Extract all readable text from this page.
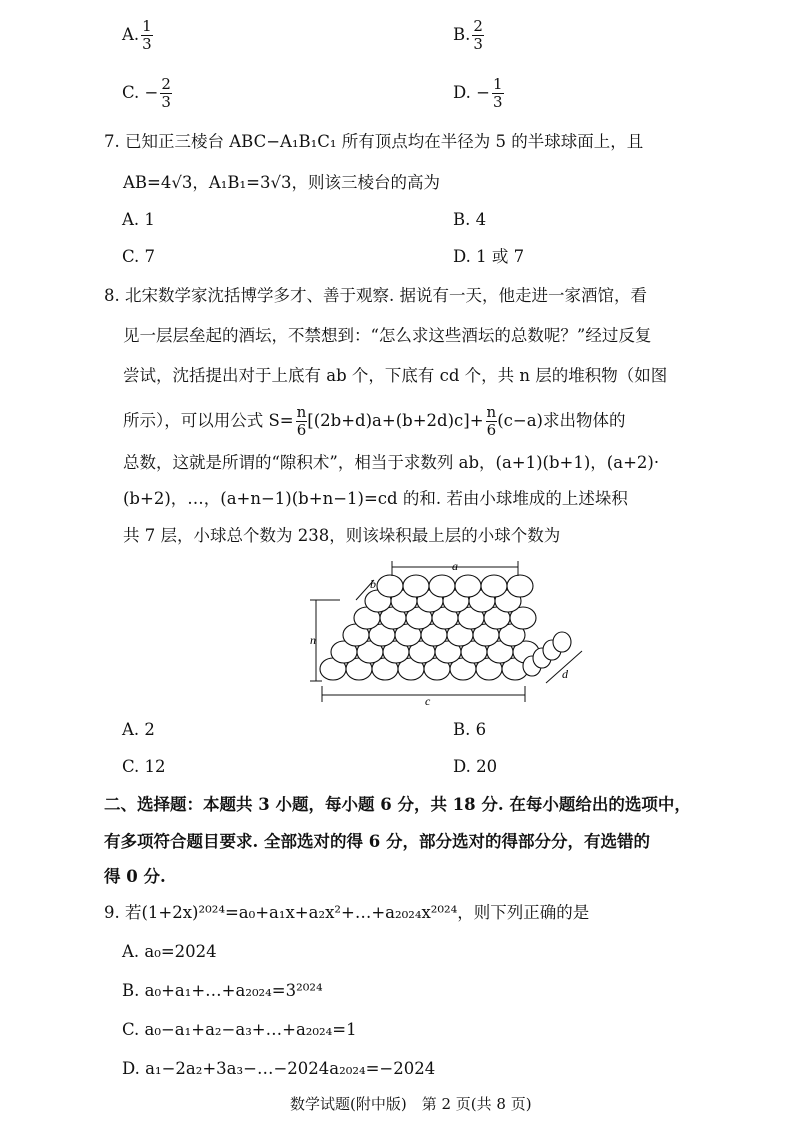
A. $\frac{1}{3}$	B. $\frac{2}{3}$
C. − $\frac{2}{3}$	D. − $\frac{1}{3}$
7. 已知正三棱台 ABC−A₁B₁C₁ 所有顶点均在半径为 5 的半球球面上，且
AB=4√3，A₁B₁=3√3，则该三棱台的高为
A. 1	B. 4
C. 7	D. 1 或 7
8. 北宋数学家沈括博学多才、善于观察. 据说有一天，他走进一家酒馆，看
见一层层垒起的酒坛，不禁想到：“怎么求这些酒坛的总数呢？”经过反复
尝试，沈括提出对于上底有 ab 个，下底有 cd 个，共 n 层的堆积物（如图
所示），可以用公式 $S= \frac{n}{6} [(2b+d)a+(b+2d)c]+ \frac{n}{6} (c-a)$求出物体的
总数，这就是所谓的“隙积术”，相当于求数列 ab，(a+1)(b+1)，(a+2)·
(b+2)，…，(a+n−1)(b+n−1)=cd 的和. 若由小球堆成的上述垛积
共 7 层，小球总个数为 238，则该垛积最上层的小球个数为
n
c
a
b
d
A. 2	B. 6
C. 12	D. 20
二、选择题：本题共 3 小题，每小题 6 分，共 18 分. 在每小题给出的选项中，
有多项符合题目要求. 全部选对的得 6 分，部分选对的得部分分，有选错的
得 0 分.
9. 若(1+2x)²⁰²⁴=a₀+a₁x+a₂x²+…+a₂₀₂₄x²⁰²⁴，则下列正确的是
A. a₀=2024
B. a₀+a₁+…+a₂₀₂₄=3²⁰²⁴
C. a₀−a₁+a₂−a₃+…+a₂₀₂₄=1
D. a₁−2a₂+3a₃−…−2024a₂₀₂₄=−2024
数学试题(附中版)　第 2 页(共 8 页)
